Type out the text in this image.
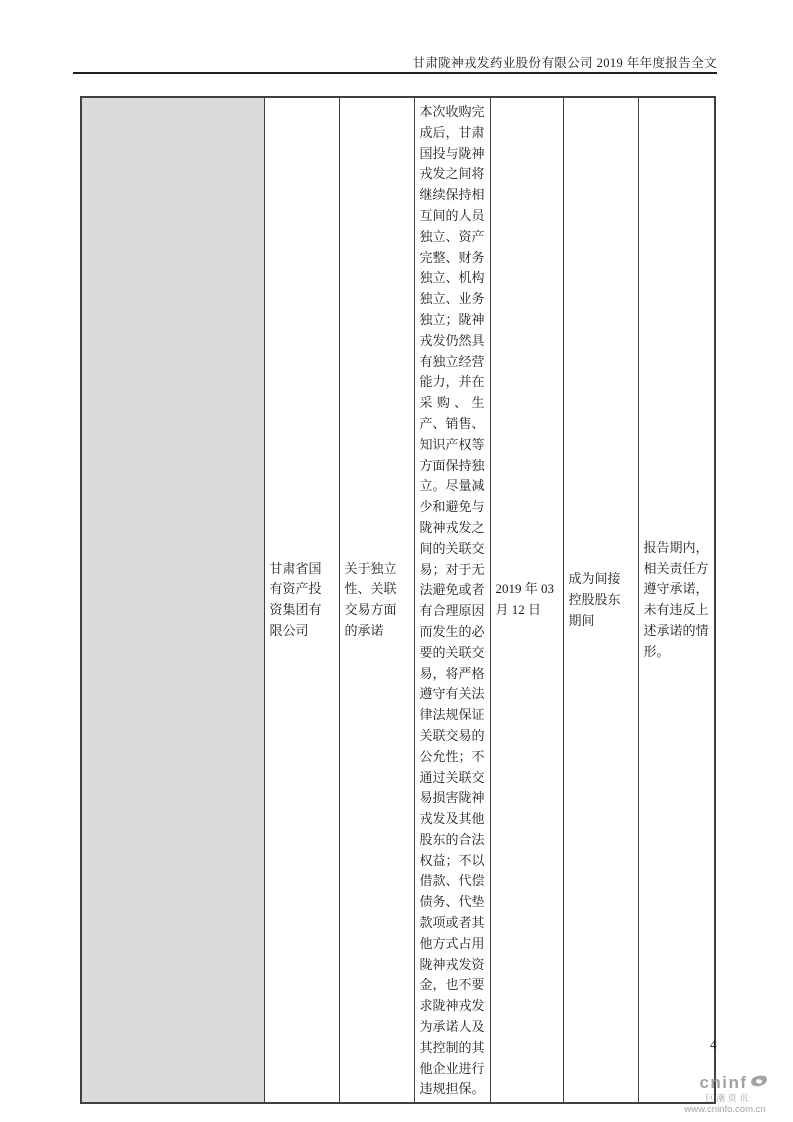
甘肃陇神戎发药业股份有限公司 2019 年年度报告全文
	甘肃省国有资产投资集团有限公司	关于独立性、关联交易方面的承诺	本次收购完成后，甘肃国投与陇神戎发之间将继续保持相互间的人员独立、资产完整、财务独立、机构独立、业务独立；陇神戎发仍然具有独立经营能力，并在采购、生产、销售、知识产权等方面保持独立。尽量减少和避免与陇神戎发之间的关联交易；对于无法避免或者有合理原因而发生的必要的关联交易，将严格遵守有关法律法规保证关联交易的公允性；不通过关联交易损害陇神戎发及其他股东的合法权益；不以借款、代偿债务、代垫款项或者其他方式占用陇神戎发资金，也不要求陇神戎发为承诺人及其控制的其他企业进行违规担保。	2019 年 03 月 12 日	成为间接控股股东期间	报告期内，相关责任方遵守承诺，未有违反上述承诺的情形。
4
cninf
巨潮资讯
www.cninfo.com.cn
